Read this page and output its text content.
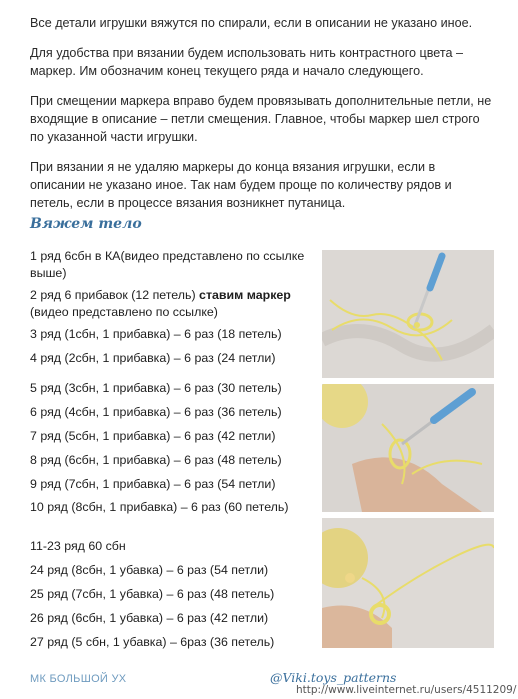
Все детали игрушки вяжутся по спирали, если в описании не указано иное.

Для удобства при вязании будем использовать нить контрастного цвета – маркер. Им обозначим конец текущего ряда и начало следующего.

При смещении маркера вправо будем провязывать дополнительные петли, не входящие в описание – петли смещения. Главное, чтобы маркер шел строго по указанной части игрушки.

При вязании я не удаляю маркеры до конца вязания игрушки, если в описании не указано иное. Так нам будем проще по количеству рядов и петель, если в процессе вязания возникнет путаница.

Вяжем тело
1 ряд 6сбн в КА(видео представлено по ссылке выше)
2 ряд 6 прибавок (12 петель) ставим маркер (видео представлено по ссылке)
3 ряд (1сбн, 1 прибавка) – 6 раз (18 петель)
4 ряд (2сбн, 1 прибавка) – 6 раз (24 петли)
5 ряд (3сбн, 1 прибавка) – 6 раз (30 петель)
6 ряд (4сбн, 1 прибавка) – 6 раз (36 петель)
7 ряд (5сбн, 1 прибавка) – 6 раз (42 петли)
8 ряд (6сбн, 1 прибавка) – 6 раз (48 петель)
9 ряд (7сбн, 1 прибавка) – 6 раз (54 петли)
10 ряд (8сбн, 1 прибавка) – 6 раз (60 петель)
11-23 ряд 60 сбн
24 ряд (8сбн, 1 убавка) – 6 раз (54 петли)
25 ряд (7сбн, 1 убавка) – 6 раз (48 петель)
26 ряд (6сбн, 1 убавка) – 6 раз (42 петли)
27 ряд (5 сбн, 1 убавка) – 6раз (36 петель)
МК БОЛЬШОЙ УХ	@Viki.toys_patterns
http://www.liveinternet.ru/users/4511209/
